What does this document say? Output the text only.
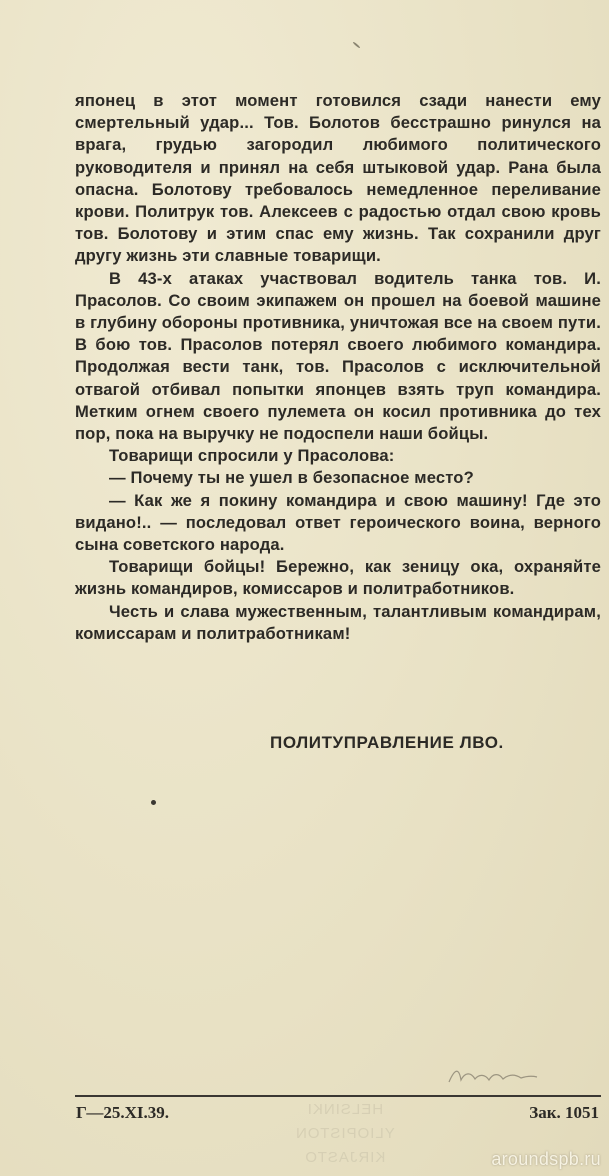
японец в этот момент готовился сзади нанести ему смертельный удар... Тов. Болотов бесстрашно ринулся на врага, грудью загородил любимого политического руководителя и принял на себя штыковой удар. Рана была опасна. Болотову требовалось немедленное переливание крови. Политрук тов. Алексеев с радостью отдал свою кровь тов. Болотову и этим спас ему жизнь. Так сохранили друг другу жизнь эти славные товарищи.

В 43-х атаках участвовал водитель танка тов. И. Прасолов. Со своим экипажем он прошел на боевой машине в глубину обороны противника, уничтожая все на своем пути. В бою тов. Прасолов потерял своего любимого командира. Продолжая вести танк, тов. Прасолов с исключительной отвагой отбивал попытки японцев взять труп командира. Метким огнем своего пулемета он косил противника до тех пор, пока на выручку не подоспели наши бойцы.

Товарищи спросили у Прасолова:

— Почему ты не ушел в безопасное место?

— Как же я покину командира и свою машину! Где это видано!.. — последовал ответ героического воина, верного сына советского народа.

Товарищи бойцы! Бережно, как зеницу ока, охраняйте жизнь командиров, комиссаров и политработников.

Честь и слава мужественным, талантливым командирам, комиссарам и политработникам!

ПОЛИТУПРАВЛЕНИЕ ЛВО.
Г—25.XI.39.	Зак. 1051
HELSINKI
YLIOPISTON
KIRJASTO	aroundspb.ru
